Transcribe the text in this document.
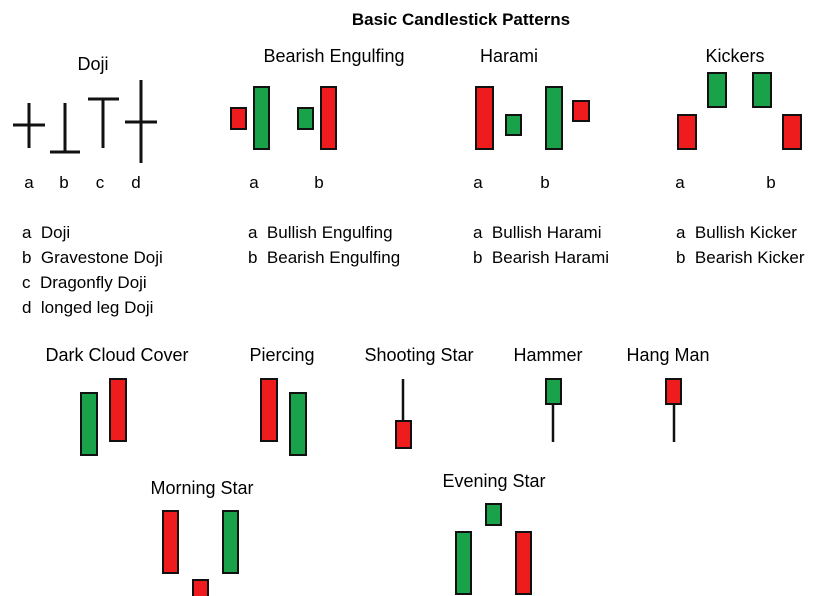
Basic Candlestick Patterns
Doji
a b c d
a  Doji
b  Gravestone Doji
c  Dragonfly Doji
d  longed leg Doji
Bearish Engulfing
a	b
a  Bullish Engulfing
b  Bearish Engulfing
Harami
a	b
a  Bullish Harami
b  Bearish Harami
Kickers
a	b
a  Bullish Kicker
b  Bearish Kicker
Dark Cloud Cover	Piercing	Shooting Star Hammer Hang Man
Morning Star	Evening Star
